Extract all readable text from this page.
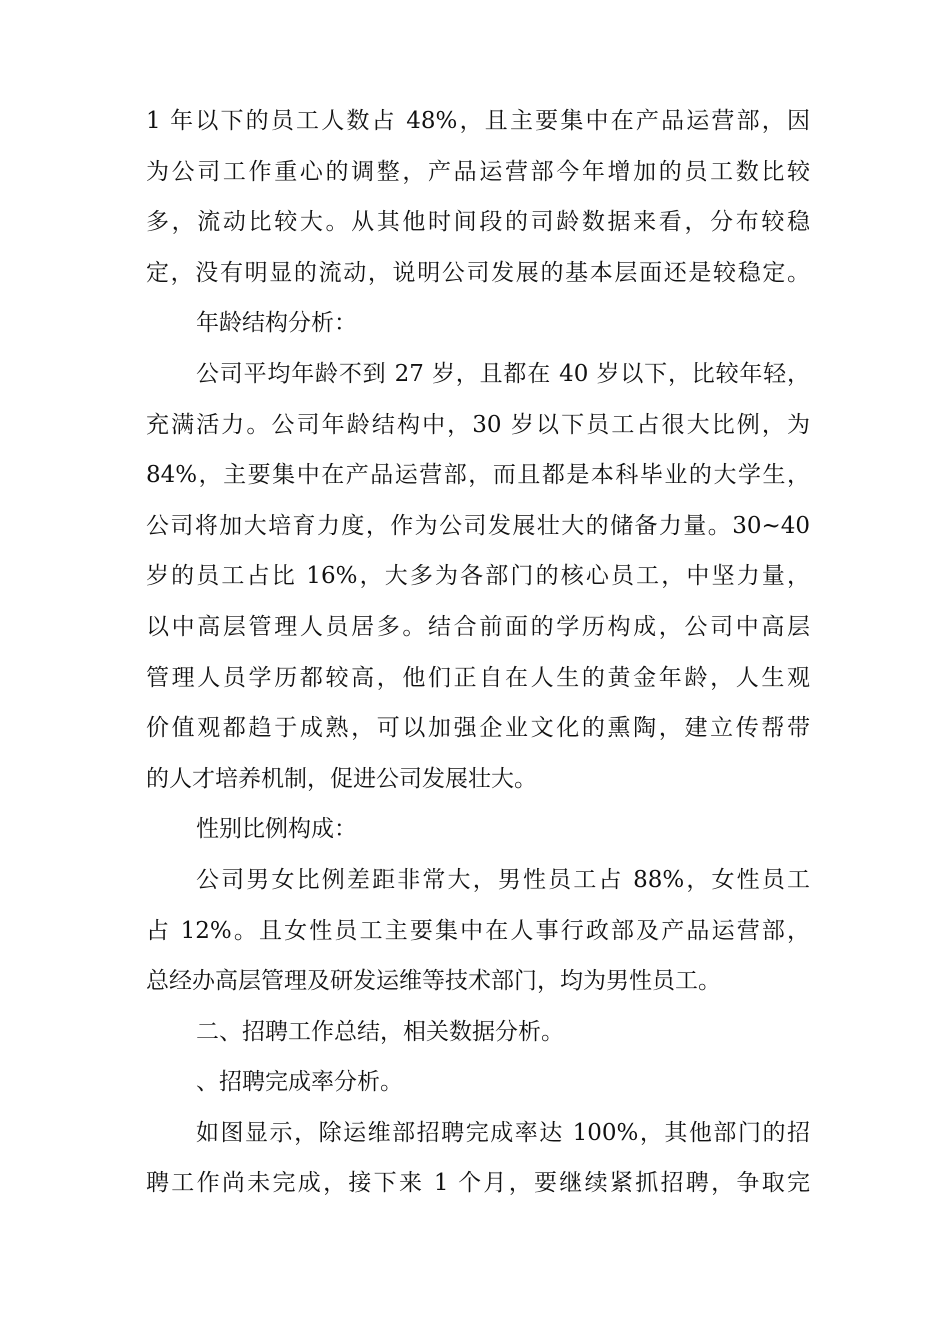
1 年以下的员工人数占 48%，且主要集中在产品运营部，因
为公司工作重心的调整，产品运营部今年增加的员工数比较
多，流动比较大。从其他时间段的司龄数据来看，分布较稳
定，没有明显的流动，说明公司发展的基本层面还是较稳定。
年龄结构分析：
公司平均年龄不到 27 岁，且都在 40 岁以下，比较年轻，
充满活力。公司年龄结构中，30 岁以下员工占很大比例，为
84%，主要集中在产品运营部，而且都是本科毕业的大学生，
公司将加大培育力度，作为公司发展壮大的储备力量。30~40
岁的员工占比 16%，大多为各部门的核心员工，中坚力量，
以中高层管理人员居多。结合前面的学历构成，公司中高层
管理人员学历都较高，他们正自在人生的黄金年龄，人生观
价值观都趋于成熟，可以加强企业文化的熏陶，建立传帮带
的人才培养机制，促进公司发展壮大。
性别比例构成：
公司男女比例差距非常大，男性员工占 88%，女性员工
占 12%。且女性员工主要集中在人事行政部及产品运营部，
总经办高层管理及研发运维等技术部门，均为男性员工。
二、招聘工作总结，相关数据分析。
、招聘完成率分析。
如图显示，除运维部招聘完成率达 100%，其他部门的招
聘工作尚未完成，接下来 1 个月，要继续紧抓招聘，争取完
